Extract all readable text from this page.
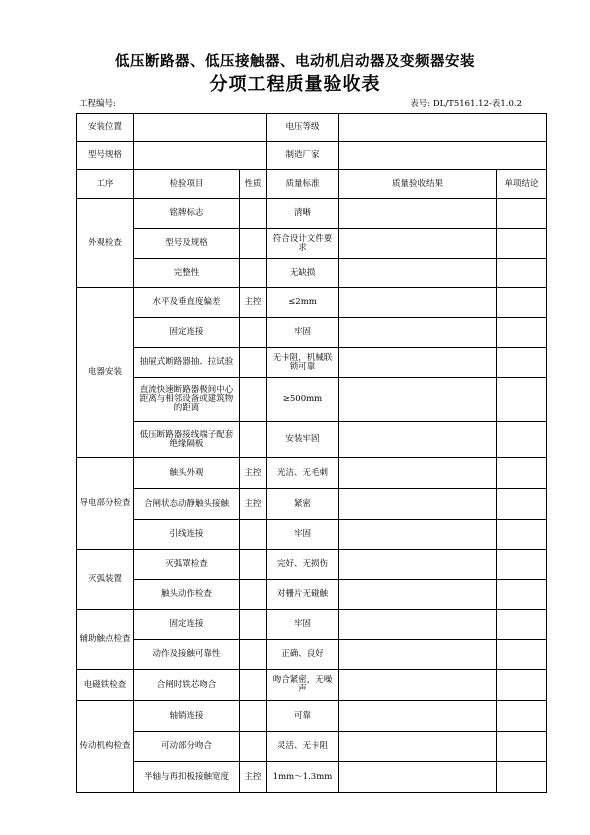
低压断路器、低压接触器、电动机启动器及变频器安装
分项工程质量验收表
工程编号:	表号: DL/T5161.12-表1.0.2
安装位置			电压等级		
型号规格			制造厂家		
工序	检验项目	性质	质量标准	质量验收结果	单项结论
外观检查	铭牌标志		清晰		
	型号及规格		符合设计文件要求		
	完整性		无缺损		
电器安装	水平及垂直度偏差	主控	≤2mm		
	固定连接		牢固		
	抽屉式断路器抽、拉试验		无卡阻，机械联锁可靠		
	直流快速断路器极间中心距离与相邻设备或建筑物的距离		≥500mm		
	低压断路器接线端子配套绝缘隔板		安装牢固		
导电部分检查	触头外观	主控	光洁、无毛刺		
	合闸状态动静触头接触	主控	紧密		
	引线连接		牢固		
灭弧装置	灭弧罩检查		完好、无损伤		
	触头动作检查		对栅片无碰触		
辅助触点检查	固定连接		牢固		
	动作及接触可靠性		正确、良好		
电磁铁检查	合闸时铁芯吻合		吻合紧密，无噪声		
传动机构检查	轴销连接		可靠		
	可动部分吻合		灵活、无卡阻		
	半轴与再扣板接触宽度	主控	1mm～1.3mm		
